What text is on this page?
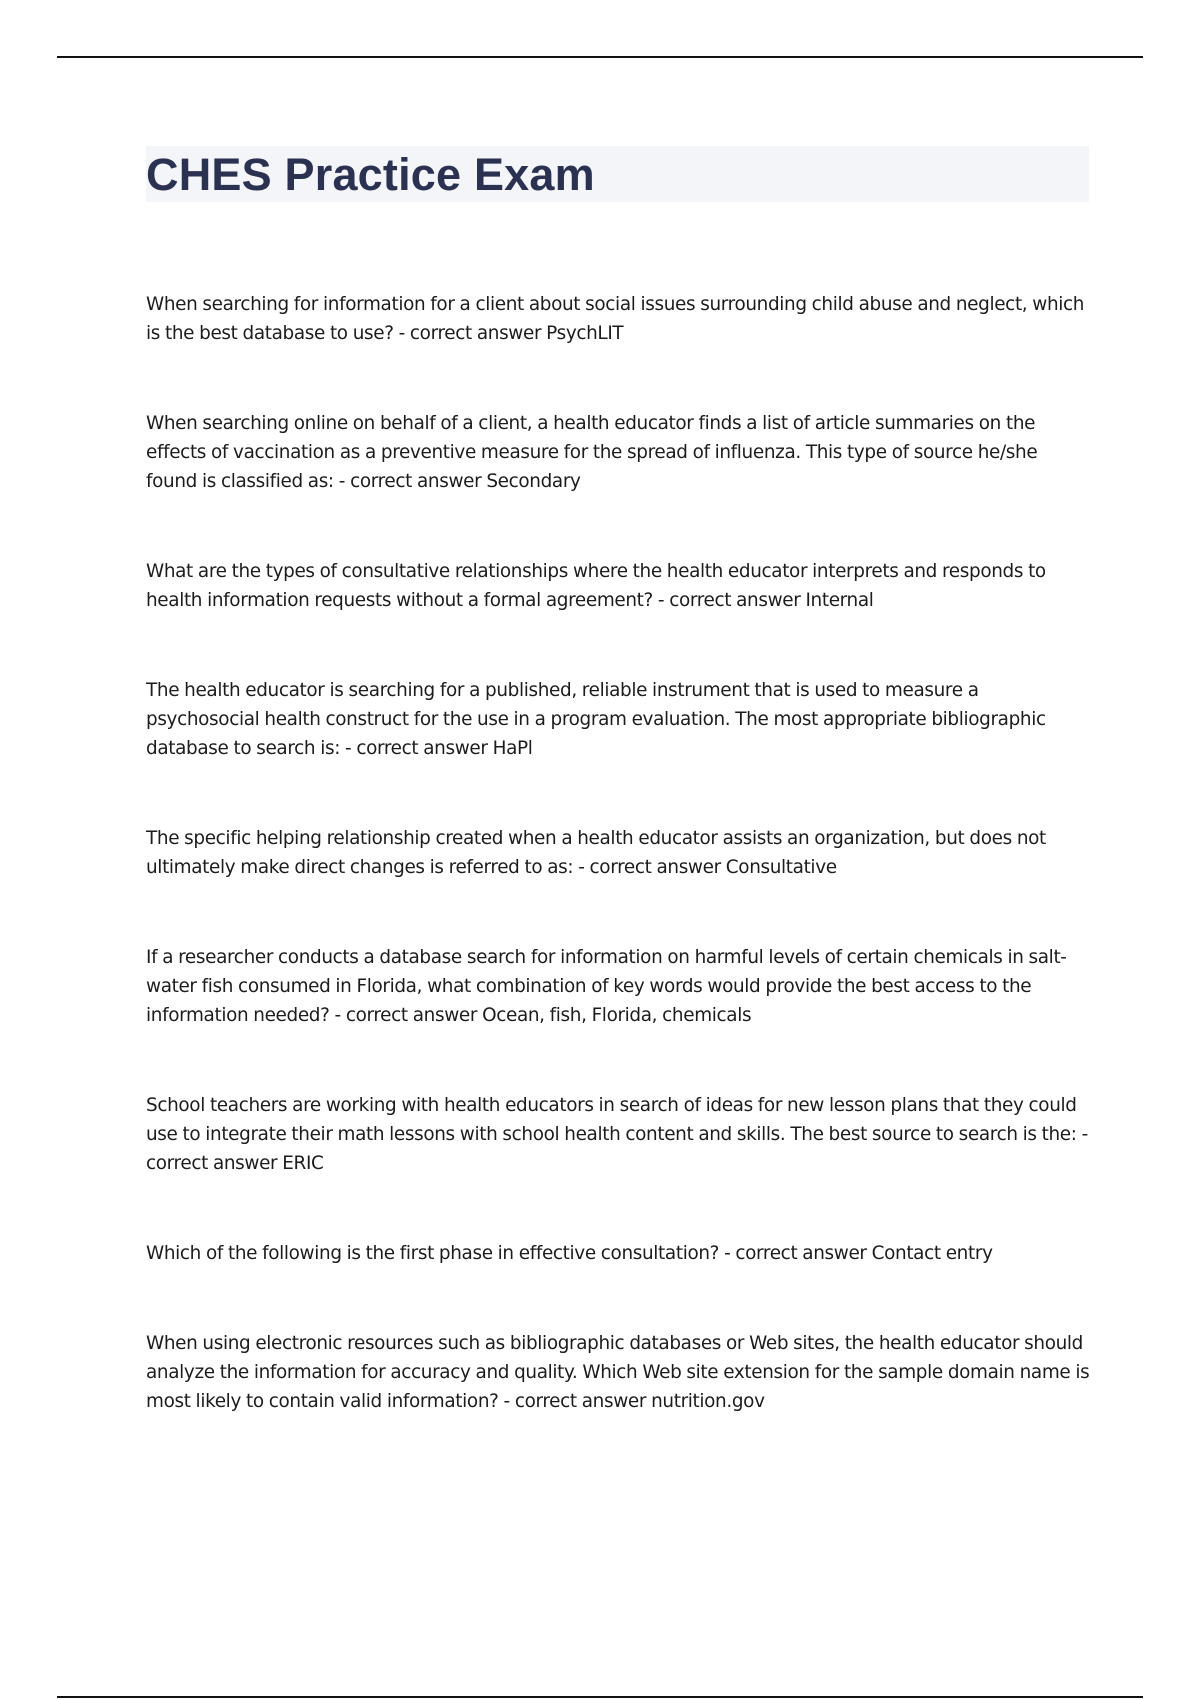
CHES Practice Exam

When searching for information for a client about social issues surrounding child abuse and neglect, which is the best database to use? - correct answer PsychLIT

When searching online on behalf of a client, a health educator finds a list of article summaries on the effects of vaccination as a preventive measure for the spread of influenza. This type of source he/she found is classified as: - correct answer Secondary

What are the types of consultative relationships where the health educator interprets and responds to health information requests without a formal agreement? - correct answer Internal

The health educator is searching for a published, reliable instrument that is used to measure a psychosocial health construct for the use in a program evaluation. The most appropriate bibliographic database to search is: - correct answer HaPl

The specific helping relationship created when a health educator assists an organization, but does not ultimately make direct changes is referred to as: - correct answer Consultative

If a researcher conducts a database search for information on harmful levels of certain chemicals in salt-water fish consumed in Florida, what combination of key words would provide the best access to the information needed? - correct answer Ocean, fish, Florida, chemicals

School teachers are working with health educators in search of ideas for new lesson plans that they could use to integrate their math lessons with school health content and skills. The best source to search is the: - correct answer ERIC

Which of the following is the first phase in effective consultation? - correct answer Contact entry

When using electronic resources such as bibliographic databases or Web sites, the health educator should analyze the information for accuracy and quality. Which Web site extension for the sample domain name is most likely to contain valid information? - correct answer nutrition.gov
